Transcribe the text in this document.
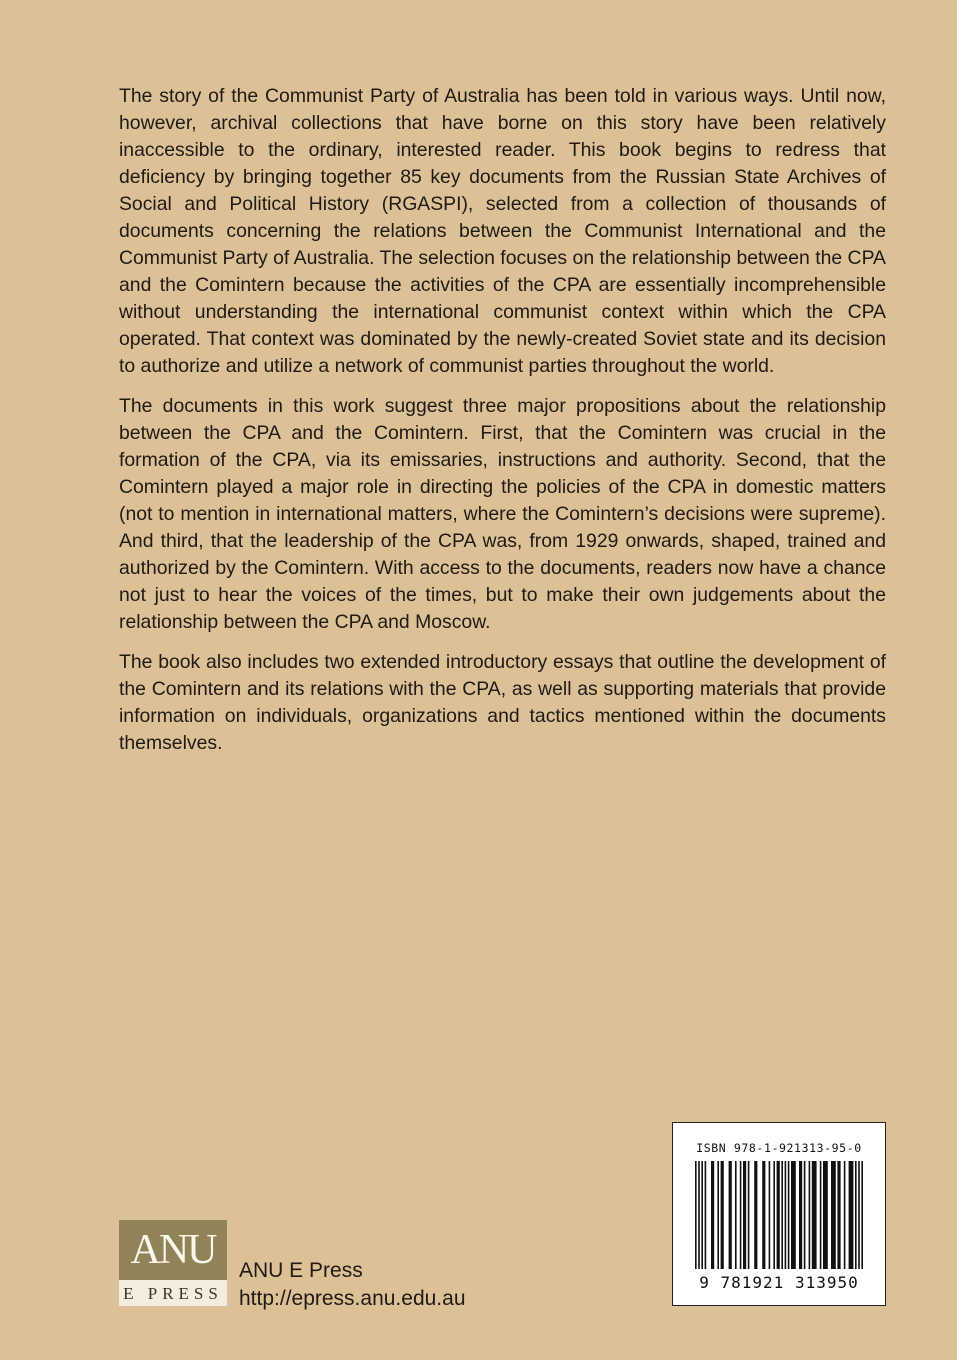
The story of the Communist Party of Australia has been told in various ways. Until now, however, archival collections that have borne on this story have been relatively inaccessible to the ordinary, interested reader. This book begins to redress that deficiency by bringing together 85 key documents from the Russian State Archives of Social and Political History (RGASPI), selected from a collection of thousands of documents concerning the relations between the Communist International and the Communist Party of Australia. The selection focuses on the relationship between the CPA and the Comintern because the activities of the CPA are essentially incomprehensible without understanding the international communist context within which the CPA operated. That context was dominated by the newly-created Soviet state and its decision to authorize and utilize a network of communist parties throughout the world.

The documents in this work suggest three major propositions about the relationship between the CPA and the Comintern. First, that the Comintern was crucial in the formation of the CPA, via its emissaries, instructions and authority. Second, that the Comintern played a major role in directing the policies of the CPA in domestic matters (not to mention in international matters, where the Comintern’s decisions were supreme). And third, that the leadership of the CPA was, from 1929 onwards, shaped, trained and authorized by the Comintern. With access to the documents, readers now have a chance not just to hear the voices of the times, but to make their own judgements about the relationship between the CPA and Moscow.

The book also includes two extended introductory essays that outline the development of the Comintern and its relations with the CPA, as well as supporting materials that provide information on individuals, organizations and tactics mentioned within the documents themselves.

ANU
E PRESS
ANU E Press
http://epress.anu.edu.au
ISBN 978-1-921313-95-0
9 781921 313950
